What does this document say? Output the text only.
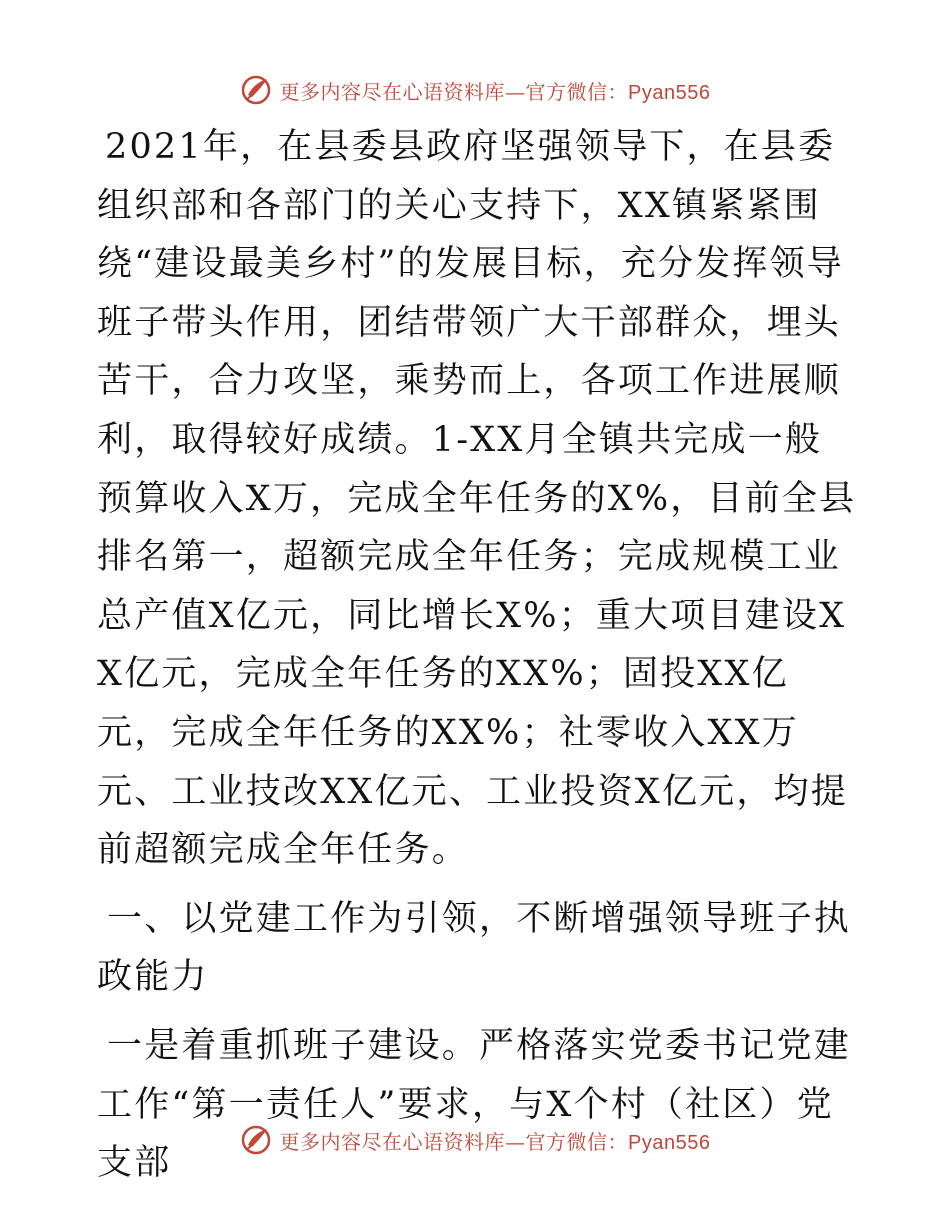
更多内容尽在心语资料库—官方微信：Pyan556

2021年，在县委县政府坚强领导下，在县委组织部和各部门的关心支持下，XX镇紧紧围绕“建设最美乡村”的发展目标，充分发挥领导班子带头作用，团结带领广大干部群众，埋头苦干，合力攻坚，乘势而上，各项工作进展顺利，取得较好成绩。1-XX月全镇共完成一般预算收入X万，完成全年任务的X%，目前全县排名第一，超额完成全年任务；完成规模工业总产值X亿元，同比增长X%；重大项目建设XX亿元，完成全年任务的XX%；固投XX亿元，完成全年任务的XX%；社零收入XX万元、工业技改XX亿元、工业投资X亿元，均提前超额完成全年任务。

一、以党建工作为引领，不断增强领导班子执政能力

一是着重抓班子建设。严格落实党委书记党建工作“第一责任人”要求，与X个村（社区）党支部

更多内容尽在心语资料库—官方微信：Pyan556
